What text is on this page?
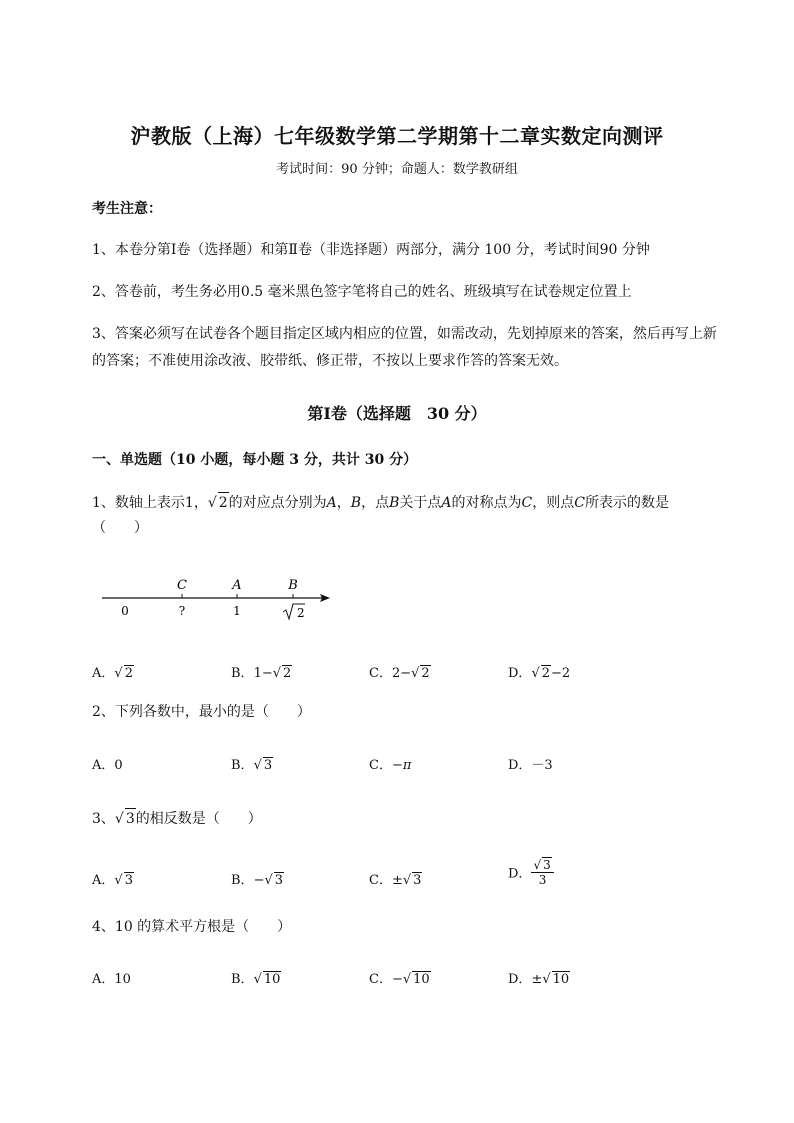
沪教版（上海）七年级数学第二学期第十二章实数定向测评
考试时间：90 分钟；命题人：数学教研组
考生注意：
1、本卷分第Ⅰ卷（选择题）和第Ⅱ卷（非选择题）两部分，满分 100 分，考试时间90 分钟
2、答卷前，考生务必用0.5 毫米黑色签字笔将自己的姓名、班级填写在试卷规定位置上
3、答案必须写在试卷各个题目指定区域内相应的位置，如需改动，先划掉原来的答案，然后再写上新
的答案；不准使用涂改液、胶带纸、修正带，不按以上要求作答的答案无效。
第Ⅰ卷（选择题　30 分）
一、单选题（10 小题，每小题 3 分，共计 30 分）
1、数轴上表示1，√ 2的对应点分别为A，B，点B关于点A的对称点为C，则点C所表示的数是
（　　）
C	A	B
0	?	1	2
A．√ 2	B．1−√ 2	C．2−√ 2	D．√ 2−2
2、下列各数中，最小的是（　　）
A．0	B．√ 3	C．−π	D．－3
3、√ 3的相反数是（　　）
A．√ 3	B．−√ 3	C．±√ 3	D． $\frac{√ 3}{3}$
4、10 的算术平方根是（　　）
A．10	B．√ 10	C．−√ 10	D．±√ 10
